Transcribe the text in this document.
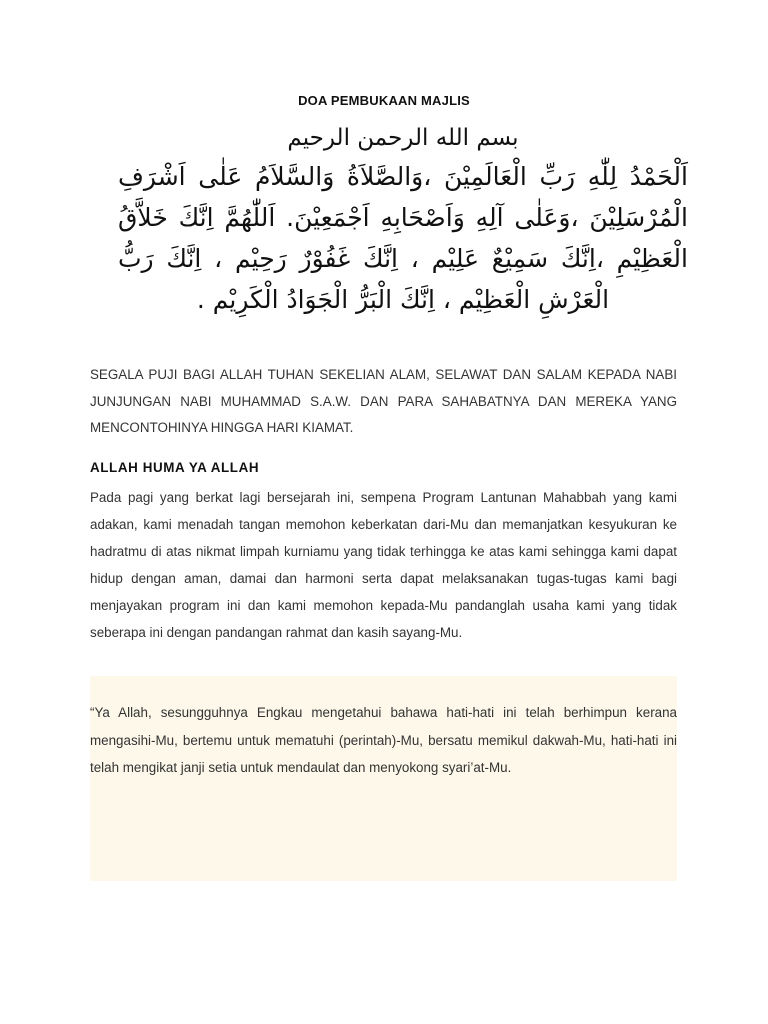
DOA PEMBUKAAN MAJLIS
بسم الله الرحمن الرحيم
اَلْحَمْدُ لِلّٰهِ رَبِّ الْعَالَمِيْنَ ،وَالصَّلاَةُ وَالسَّلاَمُ عَلٰى اَشْرَفِ
الْمُرْسَلِيْنَ ،وَعَلٰى آلِهِ وَاَصْحَابِهِ اَجْمَعِيْنَ. اَللّٰهُمَّ اِنَّكَ خَلاَّقُ
الْعَظِيْمِ ،اِنَّكَ سَمِيْعٌ عَلِيْم ، اِنَّكَ غَفُوْرٌ رَحِيْم ، اِنَّكَ رَبُّ
الْعَرْشِ الْعَظِيْم ، اِنَّكَ الْبَرُّ الْجَوَادُ الْكَرِيْم .
SEGALA PUJI BAGI ALLAH TUHAN SEKELIAN ALAM, SELAWAT DAN SALAM KEPADA NABI JUNJUNGAN NABI MUHAMMAD S.A.W. DAN PARA SAHABATNYA DAN MEREKA YANG MENCONTOHINYA HINGGA HARI KIAMAT.
ALLAH HUMA YA ALLAH
Pada pagi yang berkat lagi bersejarah ini, sempena Program Lantunan Mahabbah yang kami adakan, kami menadah tangan memohon keberkatan dari-Mu dan memanjatkan kesyukuran ke hadratmu di atas nikmat limpah kurniamu yang tidak terhingga ke atas kami sehingga kami dapat hidup dengan aman, damai dan harmoni serta dapat melaksanakan tugas-tugas kami bagi menjayakan program ini dan kami memohon kepada-Mu pandanglah usaha kami yang tidak seberapa ini dengan pandangan rahmat dan kasih sayang-Mu.
“Ya Allah, sesungguhnya Engkau mengetahui bahawa hati-hati ini telah berhimpun kerana mengasihi-Mu, bertemu untuk mematuhi (perintah)-Mu, bersatu memikul dakwah-Mu, hati-hati ini telah mengikat janji setia untuk mendaulat dan menyokong syari’at-Mu.
